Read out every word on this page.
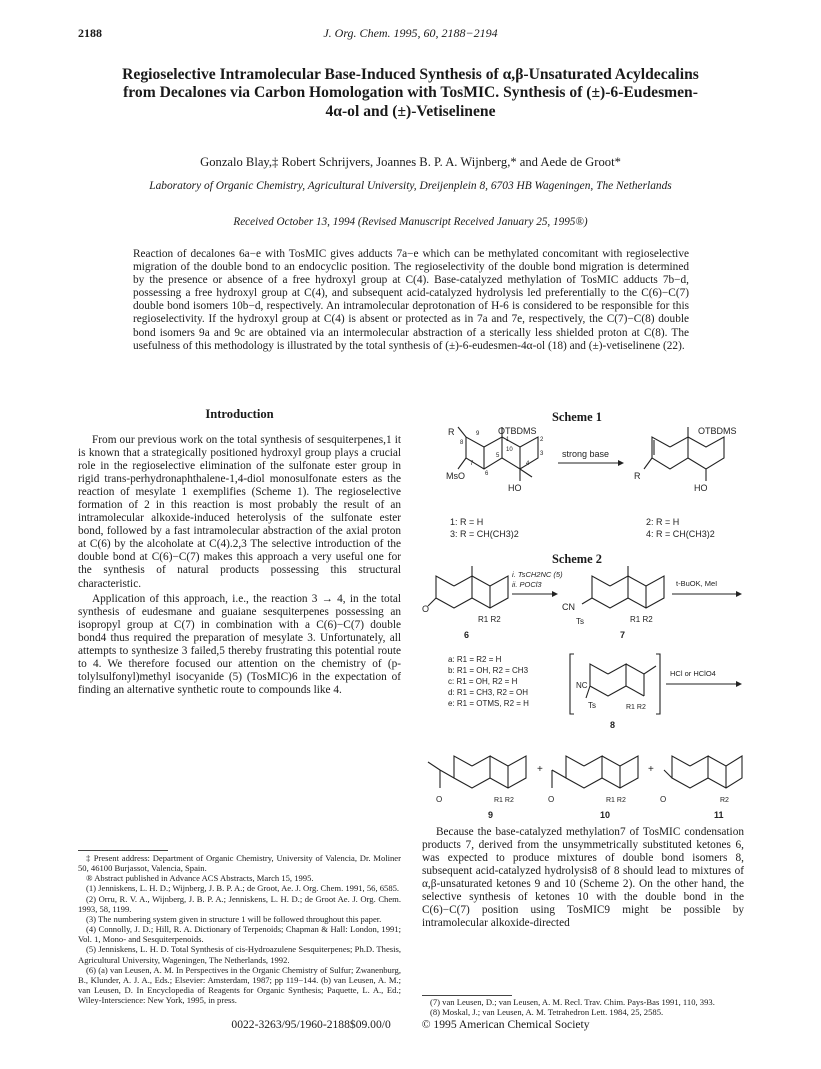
2188	J. Org. Chem. 1995, 60, 2188−2194
Regioselective Intramolecular Base-Induced Synthesis of α,β-Unsaturated Acyldecalins from Decalones via Carbon Homologation with TosMIC. Synthesis of (±)-6-Eudesmen-4α-ol and (±)-Vetiselinene
Gonzalo Blay,‡ Robert Schrijvers, Joannes B. P. A. Wijnberg,* and Aede de Groot*
Laboratory of Organic Chemistry, Agricultural University, Dreijenplein 8, 6703 HB Wageningen, The Netherlands
Received October 13, 1994 (Revised Manuscript Received January 25, 1995®)

Reaction of decalones 6a−e with TosMIC gives adducts 7a−e which can be methylated concomitant with regioselective migration of the double bond to an endocyclic position. The regioselectivity of the double bond migration is determined by the presence or absence of a free hydroxyl group at C(4). Base-catalyzed methylation of TosMIC adducts 7b−d, possessing a free hydroxyl group at C(4), and subsequent acid-catalyzed hydrolysis led preferentially to the C(6)−C(7) double bond isomers 10b−d, respectively. An intramolecular deprotonation of H-6 is considered to be responsible for this regioselectivity. If the hydroxyl group at C(4) is absent or protected as in 7a and 7e, respectively, the C(7)−C(8) double bond isomers 9a and 9c are obtained via an intermolecular abstraction of a sterically less shielded proton at C(8). The usefulness of this methodology is illustrated by the total synthesis of (±)-6-eudesmen-4α-ol (18) and (±)-vetiselinene (22).

Introduction

From our previous work on the total synthesis of sesquiterpenes,1 it is known that a strategically positioned hydroxyl group plays a crucial role in the regioselective elimination of the sulfonate ester group in rigid trans-perhydronaphthalene-1,4-diol monosulfonate esters as the reaction of mesylate 1 exemplifies (Scheme 1). The regioselective formation of 2 in this reaction is most probably the result of an intramolecular alkoxide-induced heterolysis of the sulfonate ester bond, followed by a fast intramolecular abstraction of the axial proton at C(6) by the alcoholate at C(4).2,3 The selective introduction of the double bond at C(6)−C(7) makes this approach a very useful one for the synthesis of natural products possessing this structural characteristic.

Application of this approach, i.e., the reaction 3 → 4, in the total synthesis of eudesmane and guaiane sesquiterpenes possessing an isopropyl group at C(7) in combination with a C(6)−C(7) double bond4 thus required the preparation of mesylate 3. Unfortunately, all attempts to synthesize 3 failed,5 thereby frustrating this potential route to 4. We therefore focused our attention on the chemistry of (p-tolylsulfonyl)methyl isocyanide (5) (TosMIC)6 in the expectation of finding an alternative synthetic route to compounds like 4.

‡ Present address: Department of Organic Chemistry, University of Valencia, Dr. Moliner 50, 46100 Burjassot, Valencia, Spain.
® Abstract published in Advance ACS Abstracts, March 15, 1995.
(1) Jenniskens, L. H. D.; Wijnberg, J. B. P. A.; de Groot, Ae. J. Org. Chem. 1991, 56, 6585.
(2) Orru, R. V. A., Wijnberg, J. B. P. A.; Jenniskens, L. H. D.; de Groot Ae. J. Org. Chem. 1993, 58, 1199.
(3) The numbering system given in structure 1 will be followed throughout this paper.
(4) Connolly, J. D.; Hill, R. A. Dictionary of Terpenoids; Chapman & Hall: London, 1991; Vol. 1, Mono- and Sesquiterpenoids.
(5) Jenniskens, L. H. D. Total Synthesis of cis-Hydroazulene Sesquiterpenes; Ph.D. Thesis, Agricultural University, Wageningen, The Netherlands, 1992.
(6) (a) van Leusen, A. M. In Perspectives in the Organic Chemistry of Sulfur; Zwanenburg, B., Klunder, A. J. A., Eds.; Elsevier: Amsterdam, 1987; pp 119−144. (b) van Leusen, A. M.; van Leusen, D. In Encyclopedia of Reagents for Organic Synthesis; Paquette, L. A., Ed.; Wiley-Interscience: New York, 1995, in press.
Scheme 1
OTBDMS
R
MsO
HO
1
9
8
7
6
5
4
3
2
10	strong base
OTBDMS
R
HO
1: R = H
3: R = CH(CH3)2
2: R = H
4: R = CH(CH3)2
Scheme 2
O
R1 R2
6
i. TsCH2NC (5)
ii. POCl3
CN
Ts	R1 R2
7
t-BuOK, MeI
a: R1 = R2 = H
b: R1 = OH, R2 = CH3
c: R1 = OH, R2 = H
d: R1 = CH3, R2 = OH
e: R1 = OTMS, R2 = H
NC
Ts	R1 R2
8
HCl or HClO4
O	R1 R2
9
+
O	R1 R2
10
+
O	R2
11

Because the base-catalyzed methylation7 of TosMIC condensation products 7, derived from the unsymmetrically substituted ketones 6, was expected to produce mixtures of double bond isomers 8, subsequent acid-catalyzed hydrolysis8 of 8 should lead to mixtures of α,β-unsaturated ketones 9 and 10 (Scheme 2). On the other hand, the selective synthesis of ketones 10 with the double bond in the C(6)−C(7) position using TosMIC9 might be possible by intramolecular alkoxide-directed

(7) van Leusen, D.; van Leusen, A. M. Recl. Trav. Chim. Pays-Bas 1991, 110, 393.
(8) Moskal, J.; van Leusen, A. M. Tetrahedron Lett. 1984, 25, 2585.
0022-3263/95/1960-2188$09.00/0	© 1995 American Chemical Society
